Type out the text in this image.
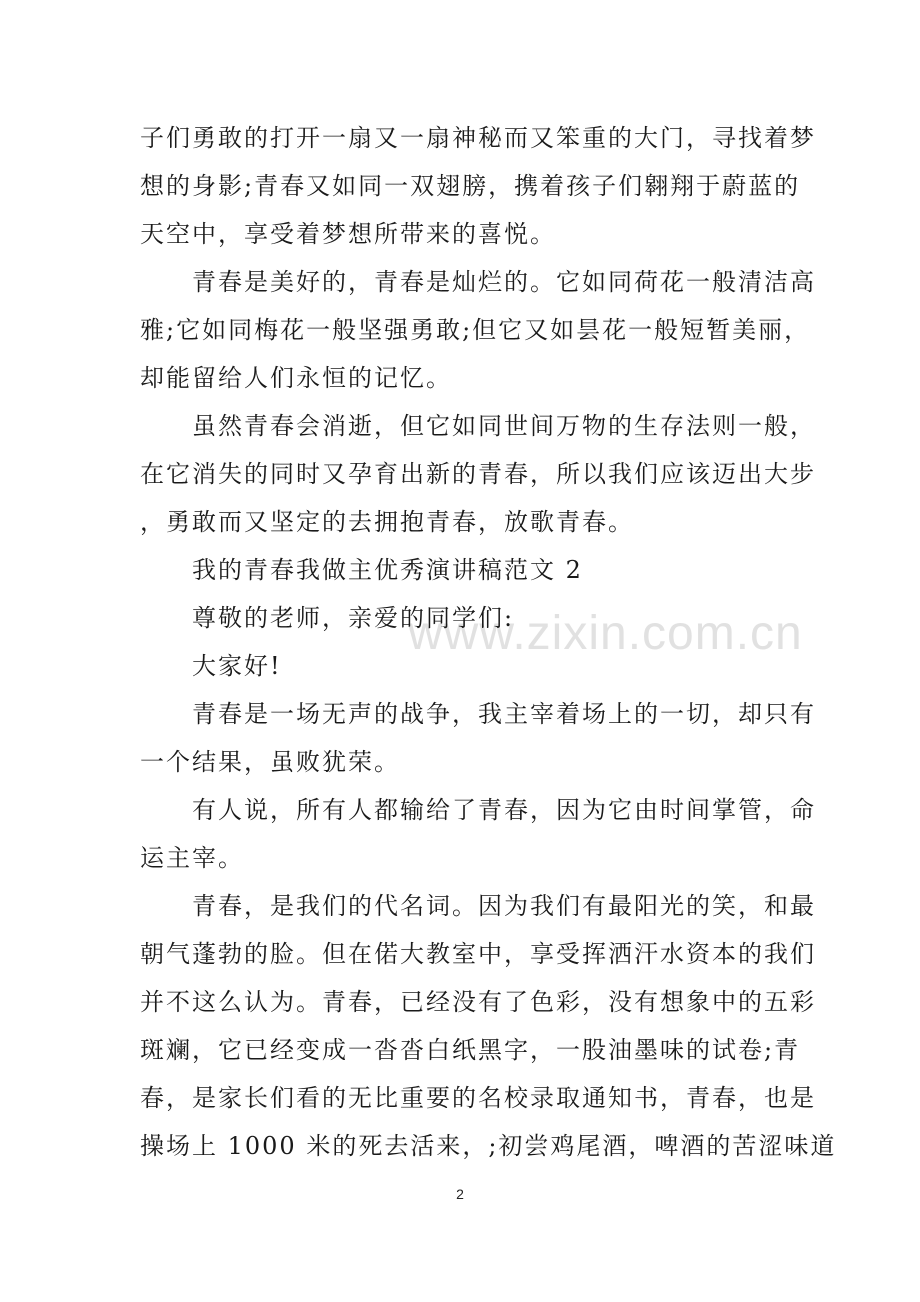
www.zixin.com.cn
子们勇敢的打开一扇又一扇神秘而又笨重的大门，寻找着梦
想的身影;青春又如同一双翅膀，携着孩子们翱翔于蔚蓝的
天空中，享受着梦想所带来的喜悦。
青春是美好的，青春是灿烂的。它如同荷花一般清洁高
雅;它如同梅花一般坚强勇敢;但它又如昙花一般短暂美丽，
却能留给人们永恒的记忆。
虽然青春会消逝，但它如同世间万物的生存法则一般，
在它消失的同时又孕育出新的青春，所以我们应该迈出大步
，勇敢而又坚定的去拥抱青春，放歌青春。
我的青春我做主优秀演讲稿范文 2
尊敬的老师，亲爱的同学们:
大家好!
青春是一场无声的战争，我主宰着场上的一切，却只有
一个结果，虽败犹荣。
有人说，所有人都输给了青春，因为它由时间掌管，命
运主宰。
青春，是我们的代名词。因为我们有最阳光的笑，和最
朝气蓬勃的脸。但在偌大教室中，享受挥洒汗水资本的我们
并不这么认为。青春，已经没有了色彩，没有想象中的五彩
斑斓，它已经变成一沓沓白纸黑字，一股油墨味的试卷;青
春，是家长们看的无比重要的名校录取通知书，青春，也是
操场上 1000 米的死去活来，;初尝鸡尾酒，啤酒的苦涩味道
2
